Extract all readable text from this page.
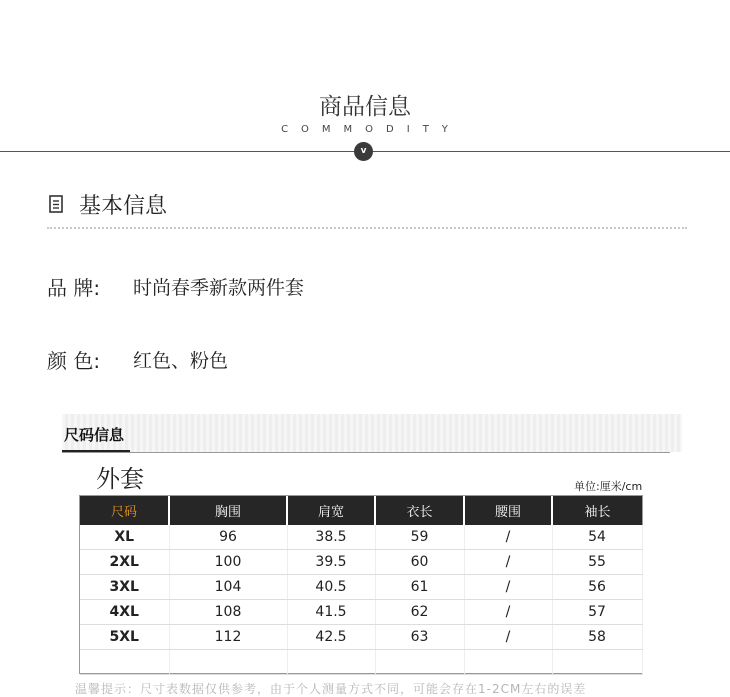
商品信息
COMMODITY
v
基本信息
品 牌: 时尚春季新款两件套
颜 色: 红色、粉色
尺码信息
外套	单位:厘米/cm
尺码	胸围	肩宽	衣长	腰围	袖长
XL	96	38.5	59	/	54
2XL	100	39.5	60	/	55
3XL	104	40.5	61	/	56
4XL	108	41.5	62	/	57
5XL	112	42.5	63	/	58

温馨提示：尺寸表数据仅供参考，由于个人测量方式不同，可能会存在1-2CM左右的误差
